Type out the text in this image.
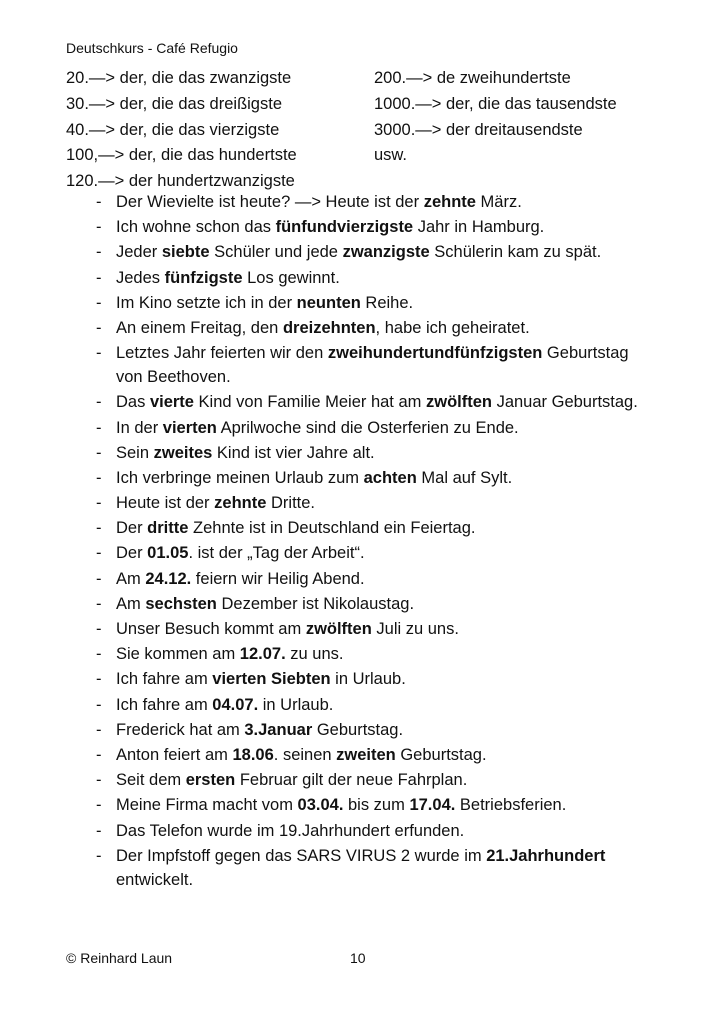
Deutschkurs - Café Refugio
20.—> der, die das zwanzigste	200.—> de zweihundertste
30.—> der, die das dreißigste	1000.—> der, die das tausendste
40.—> der, die das vierzigste	3000.—> der dreitausendste
100,—> der, die das hundertste	usw.
120.—> der hundertzwanzigste
- Der Wievielte ist heute? —> Heute ist der zehnte März.
- Ich wohne schon das fünfundvierzigste Jahr in Hamburg.
- Jeder siebte Schüler und jede zwanzigste Schülerin kam zu spät.
- Jedes fünfzigste Los gewinnt.
- Im Kino setzte ich in der neunten Reihe.
- An einem Freitag, den dreizehnten, habe ich geheiratet.
- Letztes Jahr feierten wir den zweihundertundfünfzigsten Geburtstag von Beethoven.
- Das vierte Kind von Familie Meier hat am zwölften Januar Geburtstag.
- In der vierten Aprilwoche sind die Osterferien zu Ende.
- Sein zweites Kind ist vier Jahre alt.
- Ich verbringe meinen Urlaub zum achten Mal auf Sylt.
- Heute ist der zehnte Dritte.
- Der dritte Zehnte ist in Deutschland ein Feiertag.
- Der 01.05. ist der „Tag der Arbeit“.
- Am 24.12. feiern wir Heilig Abend.
- Am sechsten Dezember ist Nikolaustag.
- Unser Besuch kommt am zwölften Juli zu uns.
- Sie kommen am 12.07. zu uns.
- Ich fahre am vierten Siebten in Urlaub.
- Ich fahre am 04.07. in Urlaub.
- Frederick hat am 3.Januar Geburtstag.
- Anton feiert am 18.06. seinen zweiten Geburtstag.
- Seit dem ersten Februar gilt der neue Fahrplan.
- Meine Firma macht vom 03.04. bis zum 17.04. Betriebsferien.
- Das Telefon wurde im 19.Jahrhundert erfunden.
- Der Impfstoff gegen das SARS VIRUS 2 wurde im 21.Jahrhundert entwickelt.
© Reinhard Laun	10
